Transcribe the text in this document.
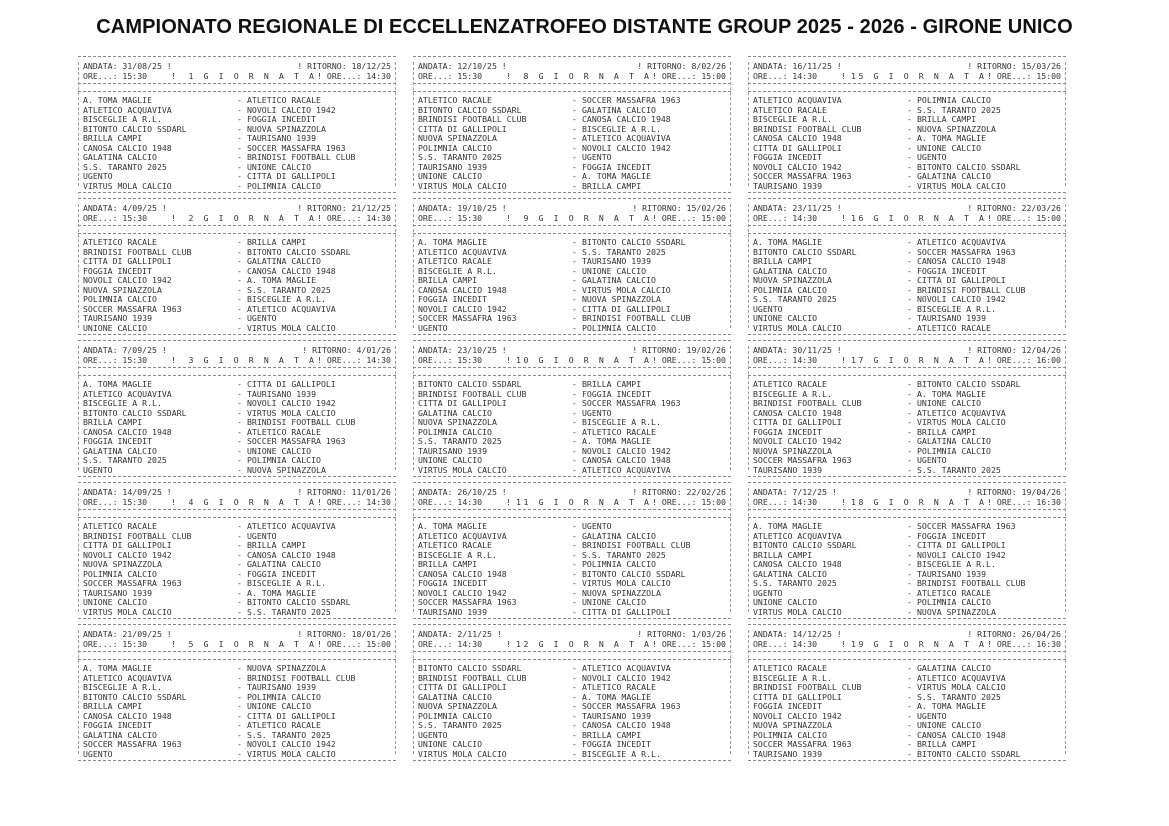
CAMPIONATO REGIONALE DI ECCELLENZATROFEO DISTANTE GROUP 2025 - 2026 - GIRONE UNICO
ANDATA: 31/08/25 !	! RITORNO: 18/12/25
ORE...: 15:30	! 1 G I O R N A T A ! ORE...: 14:30
A. TOMA MAGLIE	- ATLETICO RACALE
ATLETICO ACQUAVIVA	- NOVOLI CALCIO 1942
BISCEGLIE A R.L.	- FOGGIA INCEDIT
BITONTO CALCIO SSDARL	- NUOVA SPINAZZOLA
BRILLA CAMPI	- TAURISANO 1939
CANOSA CALCIO 1948	- SOCCER MASSAFRA 1963
GALATINA CALCIO	- BRINDISI FOOTBALL CLUB
S.S. TARANTO 2025	- UNIONE CALCIO
UGENTO	- CITTA DI GALLIPOLI
VIRTUS MOLA CALCIO	- POLIMNIA CALCIO
ANDATA: 12/10/25 !	! RITORNO: 8/02/26
ORE...: 15:30	! 8 G I O R N A T A ! ORE...: 15:00
ATLETICO RACALE	- SOCCER MASSAFRA 1963
BITONTO CALCIO SSDARL	- GALATINA CALCIO
BRINDISI FOOTBALL CLUB	- CANOSA CALCIO 1948
CITTA DI GALLIPOLI	- BISCEGLIE A R.L.
NUOVA SPINAZZOLA	- ATLETICO ACQUAVIVA
POLIMNIA CALCIO	- NOVOLI CALCIO 1942
S.S. TARANTO 2025	- UGENTO
TAURISANO 1939	- FOGGIA INCEDIT
UNIONE CALCIO	- A. TOMA MAGLIE
VIRTUS MOLA CALCIO	- BRILLA CAMPI
ANDATA: 16/11/25 !	! RITORNO: 15/03/26
ORE...: 14:30	! 15 G I O R N A T A ! ORE...: 15:00
ATLETICO ACQUAVIVA	- POLIMNIA CALCIO
ATLETICO RACALE	- S.S. TARANTO 2025
BISCEGLIE A R.L.	- BRILLA CAMPI
BRINDISI FOOTBALL CLUB	- NUOVA SPINAZZOLA
CANOSA CALCIO 1948	- A. TOMA MAGLIE
CITTA DI GALLIPOLI	- UNIONE CALCIO
FOGGIA INCEDIT	- UGENTO
NOVOLI CALCIO 1942	- BITONTO CALCIO SSDARL
SOCCER MASSAFRA 1963	- GALATINA CALCIO
TAURISANO 1939	- VIRTUS MOLA CALCIO
ANDATA: 4/09/25 !	! RITORNO: 21/12/25
ORE...: 15:30	! 2 G I O R N A T A ! ORE...: 14:30
ATLETICO RACALE	- BRILLA CAMPI
BRINDISI FOOTBALL CLUB	- BITONTO CALCIO SSDARL
CITTA DI GALLIPOLI	- GALATINA CALCIO
FOGGIA INCEDIT	- CANOSA CALCIO 1948
NOVOLI CALCIO 1942	- A. TOMA MAGLIE
NUOVA SPINAZZOLA	- S.S. TARANTO 2025
POLIMNIA CALCIO	- BISCEGLIE A R.L.
SOCCER MASSAFRA 1963	- ATLETICO ACQUAVIVA
TAURISANO 1939	- UGENTO
UNIONE CALCIO	- VIRTUS MOLA CALCIO
ANDATA: 19/10/25 !	! RITORNO: 15/02/26
ORE...: 15:30	! 9 G I O R N A T A ! ORE...: 15:00
A. TOMA MAGLIE	- BITONTO CALCIO SSDARL
ATLETICO ACQUAVIVA	- S.S. TARANTO 2025
ATLETICO RACALE	- TAURISANO 1939
BISCEGLIE A R.L.	- UNIONE CALCIO
BRILLA CAMPI	- GALATINA CALCIO
CANOSA CALCIO 1948	- VIRTUS MOLA CALCIO
FOGGIA INCEDIT	- NUOVA SPINAZZOLA
NOVOLI CALCIO 1942	- CITTA DI GALLIPOLI
SOCCER MASSAFRA 1963	- BRINDISI FOOTBALL CLUB
UGENTO	- POLIMNIA CALCIO
ANDATA: 23/11/25 !	! RITORNO: 22/03/26
ORE...: 14:30	! 16 G I O R N A T A ! ORE...: 15:00
A. TOMA MAGLIE	- ATLETICO ACQUAVIVA
BITONTO CALCIO SSDARL	- SOCCER MASSAFRA 1963
BRILLA CAMPI	- CANOSA CALCIO 1948
GALATINA CALCIO	- FOGGIA INCEDIT
NUOVA SPINAZZOLA	- CITTA DI GALLIPOLI
POLIMNIA CALCIO	- BRINDISI FOOTBALL CLUB
S.S. TARANTO 2025	- NOVOLI CALCIO 1942
UGENTO	- BISCEGLIE A R.L.
UNIONE CALCIO	- TAURISANO 1939
VIRTUS MOLA CALCIO	- ATLETICO RACALE
ANDATA: 7/09/25 !	! RITORNO: 4/01/26
ORE...: 15:30	! 3 G I O R N A T A ! ORE...: 14:30
A. TOMA MAGLIE	- CITTA DI GALLIPOLI
ATLETICO ACQUAVIVA	- TAURISANO 1939
BISCEGLIE A R.L.	- NOVOLI CALCIO 1942
BITONTO CALCIO SSDARL	- VIRTUS MOLA CALCIO
BRILLA CAMPI	- BRINDISI FOOTBALL CLUB
CANOSA CALCIO 1948	- ATLETICO RACALE
FOGGIA INCEDIT	- SOCCER MASSAFRA 1963
GALATINA CALCIO	- UNIONE CALCIO
S.S. TARANTO 2025	- POLIMNIA CALCIO
UGENTO	- NUOVA SPINAZZOLA
ANDATA: 23/10/25 !	! RITORNO: 19/02/26
ORE...: 15:30	! 10 G I O R N A T A ! ORE...: 15:00
BITONTO CALCIO SSDARL	- BRILLA CAMPI
BRINDISI FOOTBALL CLUB	- FOGGIA INCEDIT
CITTA DI GALLIPOLI	- SOCCER MASSAFRA 1963
GALATINA CALCIO	- UGENTO
NUOVA SPINAZZOLA	- BISCEGLIE A R.L.
POLIMNIA CALCIO	- ATLETICO RACALE
S.S. TARANTO 2025	- A. TOMA MAGLIE
TAURISANO 1939	- NOVOLI CALCIO 1942
UNIONE CALCIO	- CANOSA CALCIO 1948
VIRTUS MOLA CALCIO	- ATLETICO ACQUAVIVA
ANDATA: 30/11/25 !	! RITORNO: 12/04/26
ORE...: 14:30	! 17 G I O R N A T A ! ORE...: 16:00
ATLETICO RACALE	- BITONTO CALCIO SSDARL
BISCEGLIE A R.L.	- A. TOMA MAGLIE
BRINDISI FOOTBALL CLUB	- UNIONE CALCIO
CANOSA CALCIO 1948	- ATLETICO ACQUAVIVA
CITTA DI GALLIPOLI	- VIRTUS MOLA CALCIO
FOGGIA INCEDIT	- BRILLA CAMPI
NOVOLI CALCIO 1942	- GALATINA CALCIO
NUOVA SPINAZZOLA	- POLIMNIA CALCIO
SOCCER MASSAFRA 1963	- UGENTO
TAURISANO 1939	- S.S. TARANTO 2025
ANDATA: 14/09/25 !	! RITORNO: 11/01/26
ORE...: 15:30	! 4 G I O R N A T A ! ORE...: 14:30
ATLETICO RACALE	- ATLETICO ACQUAVIVA
BRINDISI FOOTBALL CLUB	- UGENTO
CITTA DI GALLIPOLI	- BRILLA CAMPI
NOVOLI CALCIO 1942	- CANOSA CALCIO 1948
NUOVA SPINAZZOLA	- GALATINA CALCIO
POLIMNIA CALCIO	- FOGGIA INCEDIT
SOCCER MASSAFRA 1963	- BISCEGLIE A R.L.
TAURISANO 1939	- A. TOMA MAGLIE
UNIONE CALCIO	- BITONTO CALCIO SSDARL
VIRTUS MOLA CALCIO	- S.S. TARANTO 2025
ANDATA: 26/10/25 !	! RITORNO: 22/02/26
ORE...: 14:30	! 11 G I O R N A T A ! ORE...: 15:00
A. TOMA MAGLIE	- UGENTO
ATLETICO ACQUAVIVA	- GALATINA CALCIO
ATLETICO RACALE	- BRINDISI FOOTBALL CLUB
BISCEGLIE A R.L.	- S.S. TARANTO 2025
BRILLA CAMPI	- POLIMNIA CALCIO
CANOSA CALCIO 1948	- BITONTO CALCIO SSDARL
FOGGIA INCEDIT	- VIRTUS MOLA CALCIO
NOVOLI CALCIO 1942	- NUOVA SPINAZZOLA
SOCCER MASSAFRA 1963	- UNIONE CALCIO
TAURISANO 1939	- CITTA DI GALLIPOLI
ANDATA: 7/12/25 !	! RITORNO: 19/04/26
ORE...: 14:30	! 18 G I O R N A T A ! ORE...: 16:30
A. TOMA MAGLIE	- SOCCER MASSAFRA 1963
ATLETICO ACQUAVIVA	- FOGGIA INCEDIT
BITONTO CALCIO SSDARL	- CITTA DI GALLIPOLI
BRILLA CAMPI	- NOVOLI CALCIO 1942
CANOSA CALCIO 1948	- BISCEGLIE A R.L.
GALATINA CALCIO	- TAURISANO 1939
S.S. TARANTO 2025	- BRINDISI FOOTBALL CLUB
UGENTO	- ATLETICO RACALE
UNIONE CALCIO	- POLIMNIA CALCIO
VIRTUS MOLA CALCIO	- NUOVA SPINAZZOLA
ANDATA: 21/09/25 !	! RITORNO: 18/01/26
ORE...: 15:30	! 5 G I O R N A T A ! ORE...: 15:00
A. TOMA MAGLIE	- NUOVA SPINAZZOLA
ATLETICO ACQUAVIVA	- BRINDISI FOOTBALL CLUB
BISCEGLIE A R.L.	- TAURISANO 1939
BITONTO CALCIO SSDARL	- POLIMNIA CALCIO
BRILLA CAMPI	- UNIONE CALCIO
CANOSA CALCIO 1948	- CITTA DI GALLIPOLI
FOGGIA INCEDIT	- ATLETICO RACALE
GALATINA CALCIO	- S.S. TARANTO 2025
SOCCER MASSAFRA 1963	- NOVOLI CALCIO 1942
UGENTO	- VIRTUS MOLA CALCIO
ANDATA: 2/11/25 !	! RITORNO: 1/03/26
ORE...: 14:30	! 12 G I O R N A T A ! ORE...: 15:00
BITONTO CALCIO SSDARL	- ATLETICO ACQUAVIVA
BRINDISI FOOTBALL CLUB	- NOVOLI CALCIO 1942
CITTA DI GALLIPOLI	- ATLETICO RACALE
GALATINA CALCIO	- A. TOMA MAGLIE
NUOVA SPINAZZOLA	- SOCCER MASSAFRA 1963
POLIMNIA CALCIO	- TAURISANO 1939
S.S. TARANTO 2025	- CANOSA CALCIO 1948
UGENTO	- BRILLA CAMPI
UNIONE CALCIO	- FOGGIA INCEDIT
VIRTUS MOLA CALCIO	- BISCEGLIE A R.L.
ANDATA: 14/12/25 !	! RITORNO: 26/04/26
ORE...: 14:30	! 19 G I O R N A T A ! ORE...: 16:30
ATLETICO RACALE	- GALATINA CALCIO
BISCEGLIE A R.L.	- ATLETICO ACQUAVIVA
BRINDISI FOOTBALL CLUB	- VIRTUS MOLA CALCIO
CITTA DI GALLIPOLI	- S.S. TARANTO 2025
FOGGIA INCEDIT	- A. TOMA MAGLIE
NOVOLI CALCIO 1942	- UGENTO
NUOVA SPINAZZOLA	- UNIONE CALCIO
POLIMNIA CALCIO	- CANOSA CALCIO 1948
SOCCER MASSAFRA 1963	- BRILLA CAMPI
TAURISANO 1939	- BITONTO CALCIO SSDARL
